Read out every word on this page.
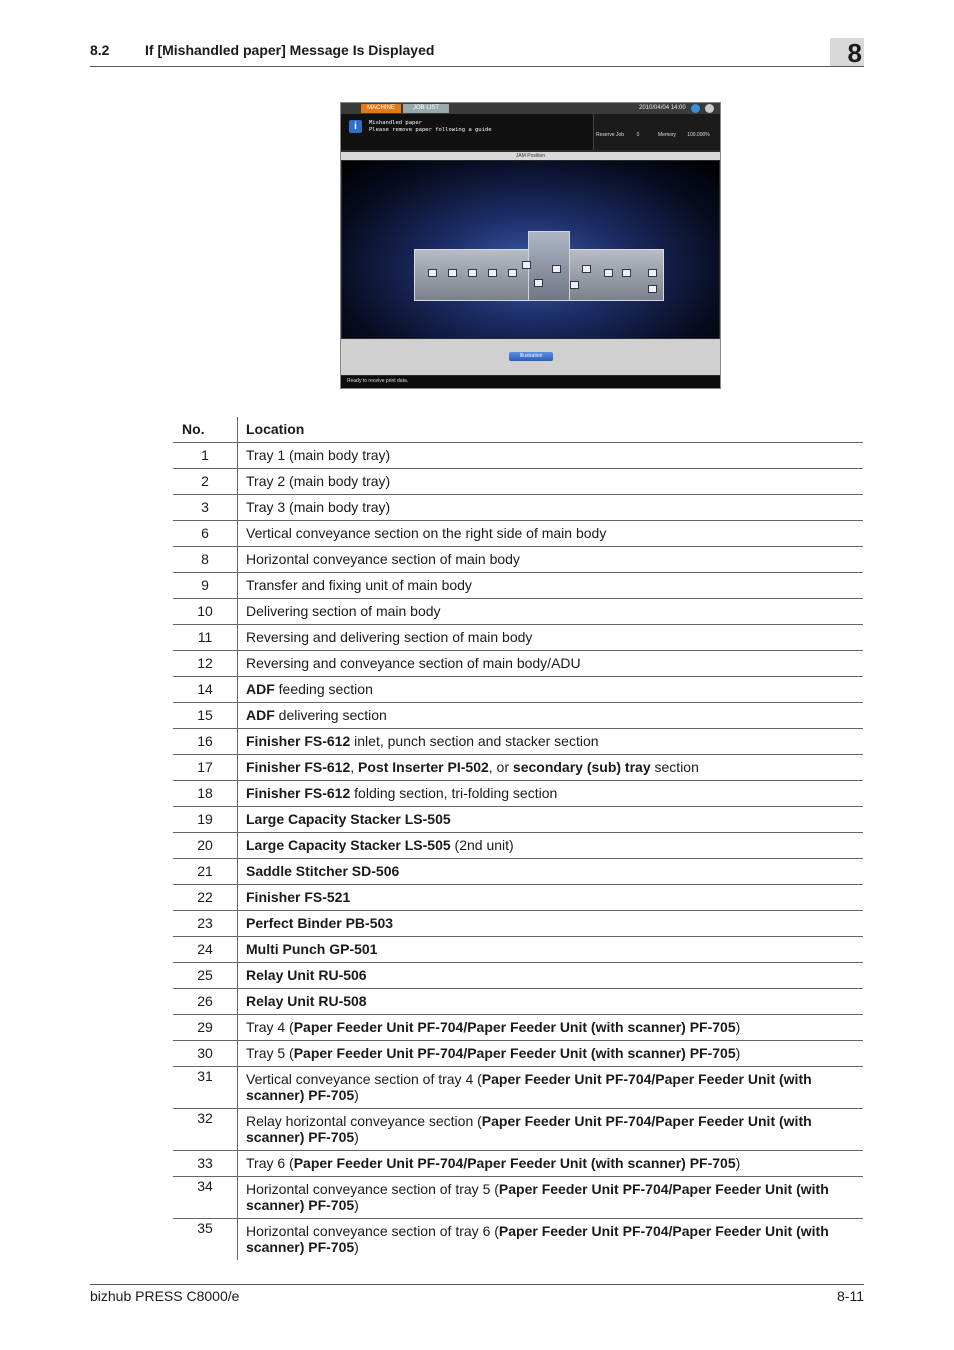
8.2	If [Mishandled paper] Message Is Displayed	8
MACHINE	JOB LIST	2010/04/04 14:00
i	Mishandled paper
Please remove paper following a guide
Reserve Job	0	Memory 100.000%
JAM Position
Illustration
Ready to receive print data.
No.	Location
1	Tray 1 (main body tray)
2	Tray 2 (main body tray)
3	Tray 3 (main body tray)
6	Vertical conveyance section on the right side of main body
8	Horizontal conveyance section of main body
9	Transfer and fixing unit of main body
10	Delivering section of main body
11	Reversing and delivering section of main body
12	Reversing and conveyance section of main body/ADU
14	ADF feeding section
15	ADF delivering section
16	Finisher FS-612 inlet, punch section and stacker section
17	Finisher FS-612, Post Inserter PI-502, or secondary (sub) tray section
18	Finisher FS-612 folding section, tri-folding section
19	Large Capacity Stacker LS-505
20	Large Capacity Stacker LS-505 (2nd unit)
21	Saddle Stitcher SD-506
22	Finisher FS-521
23	Perfect Binder PB-503
24	Multi Punch GP-501
25	Relay Unit RU-506
26	Relay Unit RU-508
29	Tray 4 (Paper Feeder Unit PF-704/Paper Feeder Unit (with scanner) PF-705)
30	Tray 5 (Paper Feeder Unit PF-704/Paper Feeder Unit (with scanner) PF-705)
31	Vertical conveyance section of tray 4 (Paper Feeder Unit PF-704/Paper Feeder Unit (with scanner) PF-705)
32	Relay horizontal conveyance section (Paper Feeder Unit PF-704/Paper Feeder Unit (with scanner) PF-705)
33	Tray 6 (Paper Feeder Unit PF-704/Paper Feeder Unit (with scanner) PF-705)
34	Horizontal conveyance section of tray 5 (Paper Feeder Unit PF-704/Paper Feeder Unit (with scanner) PF-705)
35	Horizontal conveyance section of tray 6 (Paper Feeder Unit PF-704/Paper Feeder Unit (with scanner) PF-705)
bizhub PRESS C8000/e	8-11
